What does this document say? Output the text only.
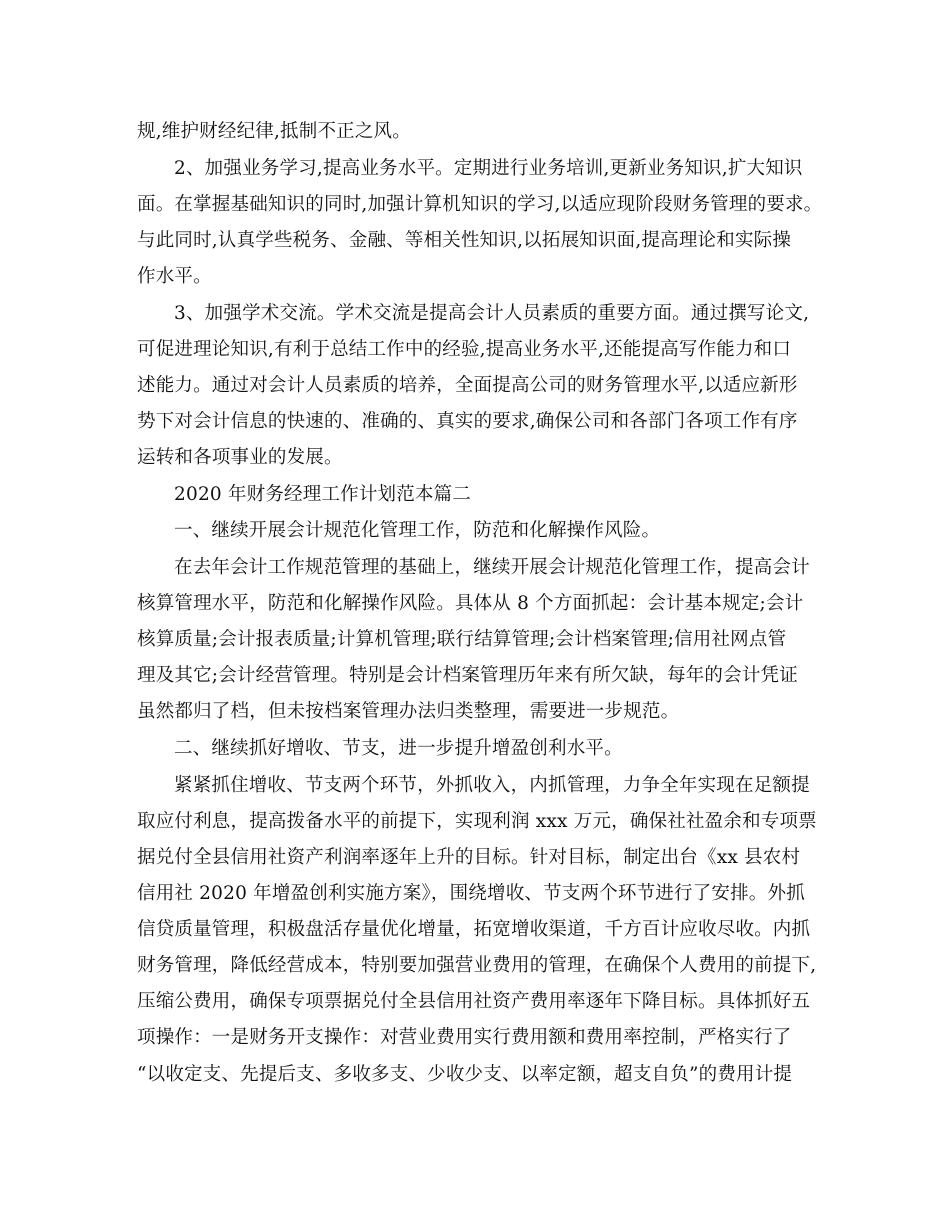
规,维护财经纪律,抵制不正之风。
2、加强业务学习,提高业务水平。定期进行业务培训,更新业务知识,扩大知识
面。在掌握基础知识的同时,加强计算机知识的学习,以适应现阶段财务管理的要求。
与此同时,认真学些税务、金融、等相关性知识,以拓展知识面,提高理论和实际操
作水平。
3、加强学术交流。学术交流是提高会计人员素质的重要方面。通过撰写论文,
可促进理论知识,有利于总结工作中的经验,提高业务水平,还能提高写作能力和口
述能力。通过对会计人员素质的培养，全面提高公司的财务管理水平,以适应新形
势下对会计信息的快速的、准确的、真实的要求,确保公司和各部门各项工作有序
运转和各项事业的发展。
2020 年财务经理工作计划范本篇二
一、继续开展会计规范化管理工作，防范和化解操作风险。
在去年会计工作规范管理的基础上，继续开展会计规范化管理工作，提高会计
核算管理水平，防范和化解操作风险。具体从 8 个方面抓起：会计基本规定;会计
核算质量;会计报表质量;计算机管理;联行结算管理;会计档案管理;信用社网点管
理及其它;会计经营管理。特别是会计档案管理历年来有所欠缺，每年的会计凭证
虽然都归了档，但未按档案管理办法归类整理，需要进一步规范。
二、继续抓好增收、节支，进一步提升增盈创利水平。
紧紧抓住增收、节支两个环节，外抓收入，内抓管理，力争全年实现在足额提
取应付利息，提高拨备水平的前提下，实现利润 xxx 万元，确保社社盈余和专项票
据兑付全县信用社资产利润率逐年上升的目标。针对目标，制定出台《xx 县农村
信用社 2020 年增盈创利实施方案》，围绕增收、节支两个环节进行了安排。外抓
信贷质量管理，积极盘活存量优化增量，拓宽增收渠道，千方百计应收尽收。内抓
财务管理，降低经营成本，特别要加强营业费用的管理，在确保个人费用的前提下,
压缩公费用，确保专项票据兑付全县信用社资产费用率逐年下降目标。具体抓好五
项操作：一是财务开支操作：对营业费用实行费用额和费用率控制，严格实行了
“以收定支、先提后支、多收多支、少收少支、以率定额，超支自负”的费用计提
